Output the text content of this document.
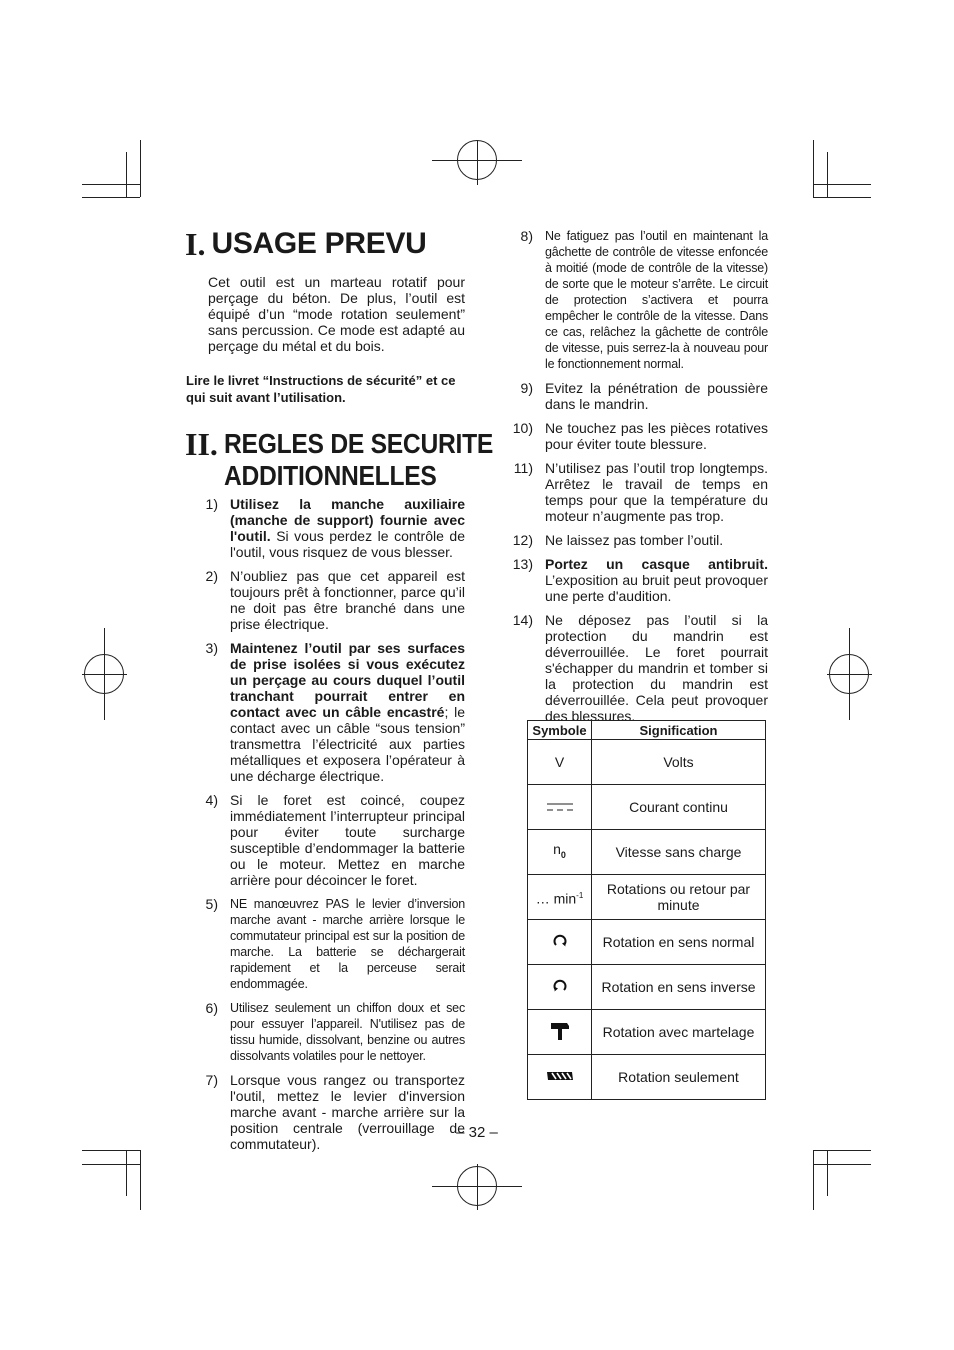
I. USAGE PREVU

Cet outil est un marteau rotatif pour perçage du béton. De plus, l’outil est équipé d’un “mode rotation seulement” sans percussion. Ce mode est adapté au perçage du métal et du bois.

Lire le livret “Instructions de sécurité” et ce qui suit avant l’utilisation.

II. REGLES DE SECURITE
ADDITIONNELLES
1) Utilisez la manche auxiliaire (manche de support) fournie avec l'outil. Si vous perdez le contrôle de l'outil, vous risquez de vous blesser.
2) N’oubliez pas que cet appareil est toujours prêt à fonctionner, parce qu’il ne doit pas être branché dans une prise électrique.
3) Maintenez l’outil par ses surfaces de prise isolées si vous exécutez un perçage au cours duquel l’outil tranchant pourrait entrer en contact avec un câble encastré; le contact avec un câble “sous tension” transmettra l’électricité aux parties métalliques et exposera l’opérateur à une décharge électrique.
4) Si le foret est coincé, coupez immédiatement l’interrupteur principal pour éviter toute surcharge susceptible d’endommager la batterie ou le moteur. Mettez en marche arrière pour décoincer le foret.
5) NE manœuvrez PAS le levier d’inversion marche avant - marche arrière lorsque le commutateur principal est sur la position de marche. La batterie se déchargerait rapidement et la perceuse serait endommagée.
6) Utilisez seulement un chiffon doux et sec pour essuyer l’appareil. N'utilisez pas de tissu humide, dissolvant, benzine ou autres dissolvants volatiles pour le nettoyer.
7) Lorsque vous rangez ou transportez l'outil, mettez le levier d'inversion marche avant - marche arrière sur la position centrale (verrouillage de commutateur).
8) Ne fatiguez pas l’outil en maintenant la gâchette de contrôle de vitesse enfoncée à moitié (mode de contrôle de la vitesse) de sorte que le moteur s’arrête. Le circuit de protection s’activera et pourra empêcher le contrôle de la vitesse. Dans ce cas, relâchez la gâchette de contrôle de vitesse, puis serrez-la à nouveau pour le fonctionnement normal.
9) Evitez la pénétration de poussière dans le mandrin.
10) Ne touchez pas les pièces rotatives pour éviter toute blessure.
11) N’utilisez pas l’outil trop longtemps. Arrêtez le travail de temps en temps pour que la température du moteur n’augmente pas trop.
12) Ne laissez pas tomber l’outil.
13) Portez un casque antibruit. L’exposition au bruit peut provoquer une perte d'audition.
14) Ne déposez pas l’outil si la protection du mandrin est déverrouillée. Le foret pourrait s'échapper du mandrin et tomber si la protection du mandrin est déverrouillée. Cela peut provoquer des blessures.
Symbole	Signification
V	Volts
	Courant continu
$n_0$	Vitesse sans charge
… $\min^{-1}$	Rotations ou retour par minute
	Rotation en sens normal
	Rotation en sens inverse
	Rotation avec martelage
	Rotation seulement
– 32 –
